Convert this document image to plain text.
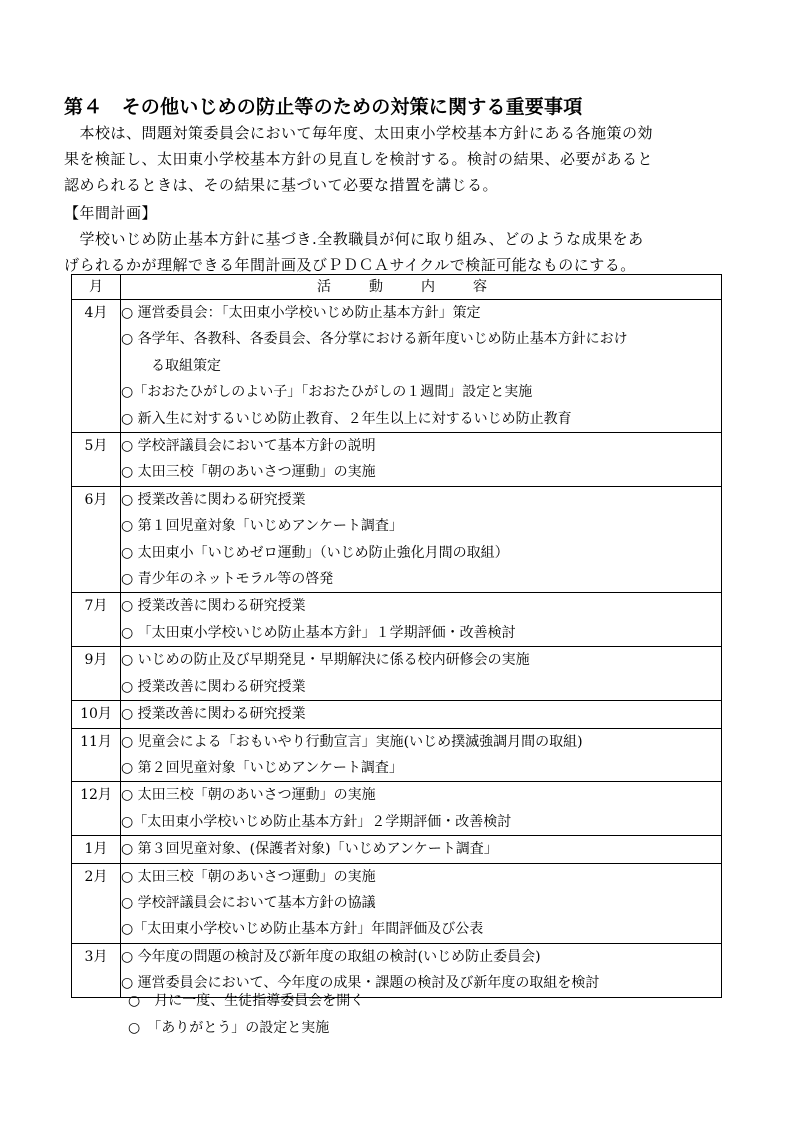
第４　その他いじめの防止等のための対策に関する重要事項
　本校は、問題対策委員会において毎年度、太田東小学校基本方針にある各施策の効
果を検証し、太田東小学校基本方針の見直しを検討する。検討の結果、必要があると
認められるときは、その結果に基づいて必要な措置を講じる。
【年間計画】
　学校いじめ防止基本方針に基づき.全教職員が何に取り組み、どのような成果をあ
げられるかが理解できる年間計画及びＰＤＣＡサイクルで検証可能なものにする。
月	活動内容
4月	○ 運営委員会：「太田東小学校いじめ防止基本方針」策定
○ 各学年、各教科、各委員会、各分掌における新年度いじめ防止基本方針におけ
る取組策定
○「おおたひがしのよい子」「おおたひがしの１週間」設定と実施
○ 新入生に対するいじめ防止教育、２年生以上に対するいじめ防止教育

5月	○ 学校評議員会において基本方針の説明
○ 太田三校「朝のあいさつ運動」の実施

6月	○ 授業改善に関わる研究授業
○ 第１回児童対象「いじめアンケート調査」
○ 太田東小「いじめゼロ運動」（いじめ防止強化月間の取組）
○ 青少年のネットモラル等の啓発

7月	○ 授業改善に関わる研究授業
○ 「太田東小学校いじめ防止基本方針」１学期評価・改善検討

9月	○ いじめの防止及び早期発見・早期解決に係る校内研修会の実施
○ 授業改善に関わる研究授業

10月	○ 授業改善に関わる研究授業

11月	○ 児童会による「おもいやり行動宣言」実施(いじめ撲滅強調月間の取組)
○ 第２回児童対象「いじめアンケート調査」

12月	○ 太田三校「朝のあいさつ運動」の実施
○「太田東小学校いじめ防止基本方針」２学期評価・改善検討

1月	○ 第３回児童対象、(保護者対象)「いじめアンケート調査」

2月	○ 太田三校「朝のあいさつ運動」の実施
○ 学校評議員会において基本方針の協議
○「太田東小学校いじめ防止基本方針」年間評価及び公表

3月	○ 今年度の問題の検討及び新年度の取組の検討(いじめ防止委員会)
○ 運営委員会において、今年度の成果・課題の検討及び新年度の取組を検討
○　月に一度、生徒指導委員会を開く
○　「ありがとう」の設定と実施
